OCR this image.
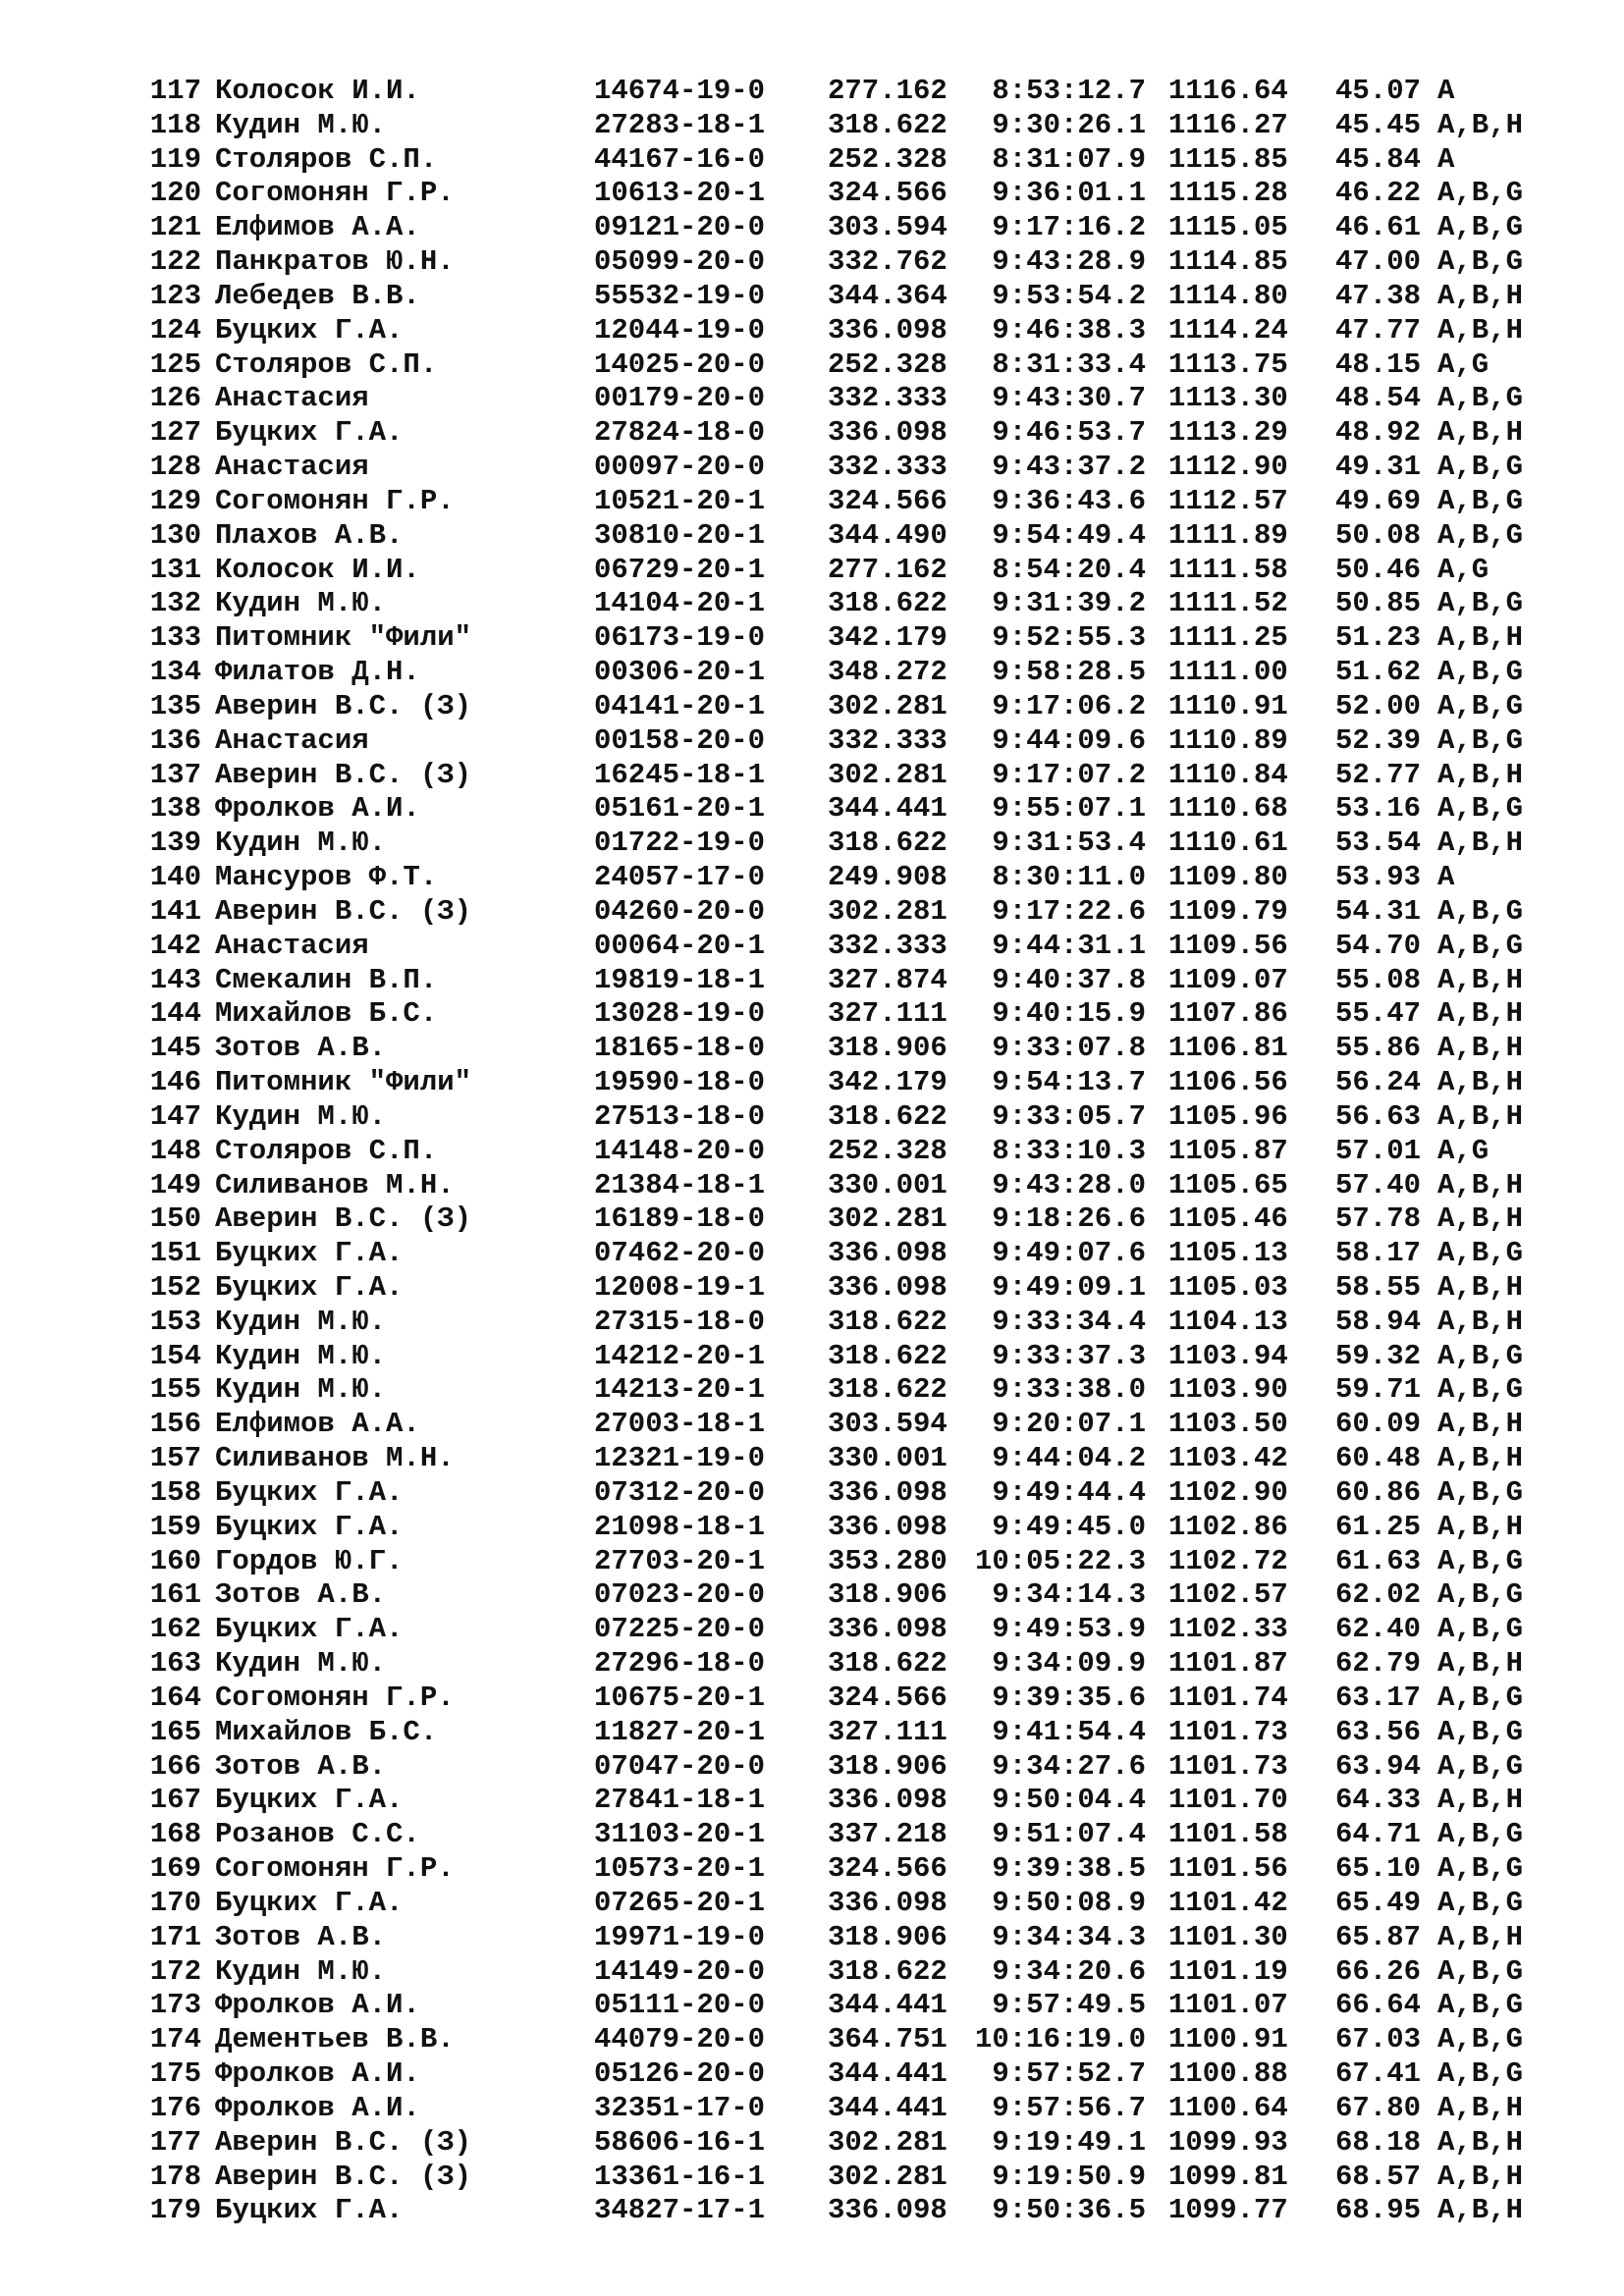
117 Колосок И.И.	14674-19-0 277.162	8:53:12.7 1116.64 45.07 A
118 Кудин М.Ю.	27283-18-1 318.622	9:30:26.1 1116.27 45.45 A,B,H
119 Столяров С.П.	44167-16-0 252.328	8:31:07.9 1115.85 45.84 A
120 Согомонян Г.Р.	10613-20-1 324.566	9:36:01.1 1115.28 46.22 A,B,G
121 Елфимов А.А.	09121-20-0 303.594	9:17:16.2 1115.05 46.61 A,B,G
122 Панкратов Ю.Н.	05099-20-0 332.762	9:43:28.9 1114.85 47.00 A,B,G
123 Лебедев В.В.	55532-19-0 344.364	9:53:54.2 1114.80 47.38 A,B,H
124 Буцких Г.А.	12044-19-0 336.098	9:46:38.3 1114.24 47.77 A,B,H
125 Столяров С.П.	14025-20-0 252.328	8:31:33.4 1113.75 48.15 A,G
126 Анастасия	00179-20-0 332.333	9:43:30.7 1113.30 48.54 A,B,G
127 Буцких Г.А.	27824-18-0 336.098	9:46:53.7 1113.29 48.92 A,B,H
128 Анастасия	00097-20-0 332.333	9:43:37.2 1112.90 49.31 A,B,G
129 Согомонян Г.Р.	10521-20-1 324.566	9:36:43.6 1112.57 49.69 A,B,G
130 Плахов А.В.	30810-20-1 344.490	9:54:49.4 1111.89 50.08 A,B,G
131 Колосок И.И.	06729-20-1 277.162	8:54:20.4 1111.58 50.46 A,G
132 Кудин М.Ю.	14104-20-1 318.622	9:31:39.2 1111.52 50.85 A,B,G
133 Питомник "Фили"	06173-19-0 342.179	9:52:55.3 1111.25 51.23 A,B,H
134 Филатов Д.Н.	00306-20-1 348.272	9:58:28.5 1111.00 51.62 A,B,G
135 Аверин В.С. (З)	04141-20-1 302.281	9:17:06.2 1110.91 52.00 A,B,G
136 Анастасия	00158-20-0 332.333	9:44:09.6 1110.89 52.39 A,B,G
137 Аверин В.С. (З)	16245-18-1 302.281	9:17:07.2 1110.84 52.77 A,B,H
138 Фролков А.И.	05161-20-1 344.441	9:55:07.1 1110.68 53.16 A,B,G
139 Кудин М.Ю.	01722-19-0 318.622	9:31:53.4 1110.61 53.54 A,B,H
140 Мансуров Ф.Т.	24057-17-0 249.908	8:30:11.0 1109.80 53.93 A
141 Аверин В.С. (З)	04260-20-0 302.281	9:17:22.6 1109.79 54.31 A,B,G
142 Анастасия	00064-20-1 332.333	9:44:31.1 1109.56 54.70 A,B,G
143 Смекалин В.П.	19819-18-1 327.874	9:40:37.8 1109.07 55.08 A,B,H
144 Михайлов Б.С.	13028-19-0 327.111	9:40:15.9 1107.86 55.47 A,B,H
145 Зотов А.В.	18165-18-0 318.906	9:33:07.8 1106.81 55.86 A,B,H
146 Питомник "Фили"	19590-18-0 342.179	9:54:13.7 1106.56 56.24 A,B,H
147 Кудин М.Ю.	27513-18-0 318.622	9:33:05.7 1105.96 56.63 A,B,H
148 Столяров С.П.	14148-20-0 252.328	8:33:10.3 1105.87 57.01 A,G
149 Силиванов М.Н.	21384-18-1 330.001	9:43:28.0 1105.65 57.40 A,B,H
150 Аверин В.С. (З)	16189-18-0 302.281	9:18:26.6 1105.46 57.78 A,B,H
151 Буцких Г.А.	07462-20-0 336.098	9:49:07.6 1105.13 58.17 A,B,G
152 Буцких Г.А.	12008-19-1 336.098	9:49:09.1 1105.03 58.55 A,B,H
153 Кудин М.Ю.	27315-18-0 318.622	9:33:34.4 1104.13 58.94 A,B,H
154 Кудин М.Ю.	14212-20-1 318.622	9:33:37.3 1103.94 59.32 A,B,G
155 Кудин М.Ю.	14213-20-1 318.622	9:33:38.0 1103.90 59.71 A,B,G
156 Елфимов А.А.	27003-18-1 303.594	9:20:07.1 1103.50 60.09 A,B,H
157 Силиванов М.Н.	12321-19-0 330.001	9:44:04.2 1103.42 60.48 A,B,H
158 Буцких Г.А.	07312-20-0 336.098	9:49:44.4 1102.90 60.86 A,B,G
159 Буцких Г.А.	21098-18-1 336.098	9:49:45.0 1102.86 61.25 A,B,H
160 Гордов Ю.Г.	27703-20-1 353.280 10:05:22.3 1102.72 61.63 A,B,G
161 Зотов А.В.	07023-20-0 318.906	9:34:14.3 1102.57 62.02 A,B,G
162 Буцких Г.А.	07225-20-0 336.098	9:49:53.9 1102.33 62.40 A,B,G
163 Кудин М.Ю.	27296-18-0 318.622	9:34:09.9 1101.87 62.79 A,B,H
164 Согомонян Г.Р.	10675-20-1 324.566	9:39:35.6 1101.74 63.17 A,B,G
165 Михайлов Б.С.	11827-20-1 327.111	9:41:54.4 1101.73 63.56 A,B,G
166 Зотов А.В.	07047-20-0 318.906	9:34:27.6 1101.73 63.94 A,B,G
167 Буцких Г.А.	27841-18-1 336.098	9:50:04.4 1101.70 64.33 A,B,H
168 Розанов С.С.	31103-20-1 337.218	9:51:07.4 1101.58 64.71 A,B,G
169 Согомонян Г.Р.	10573-20-1 324.566	9:39:38.5 1101.56 65.10 A,B,G
170 Буцких Г.А.	07265-20-1 336.098	9:50:08.9 1101.42 65.49 A,B,G
171 Зотов А.В.	19971-19-0 318.906	9:34:34.3 1101.30 65.87 A,B,H
172 Кудин М.Ю.	14149-20-0 318.622	9:34:20.6 1101.19 66.26 A,B,G
173 Фролков А.И.	05111-20-0 344.441	9:57:49.5 1101.07 66.64 A,B,G
174 Дементьев В.В.	44079-20-0 364.751 10:16:19.0 1100.91 67.03 A,B,G
175 Фролков А.И.	05126-20-0 344.441	9:57:52.7 1100.88 67.41 A,B,G
176 Фролков А.И.	32351-17-0 344.441	9:57:56.7 1100.64 67.80 A,B,H
177 Аверин В.С. (З)	58606-16-1 302.281	9:19:49.1 1099.93 68.18 A,B,H
178 Аверин В.С. (З)	13361-16-1 302.281	9:19:50.9 1099.81 68.57 A,B,H
179 Буцких Г.А.	34827-17-1 336.098	9:50:36.5 1099.77 68.95 A,B,H
